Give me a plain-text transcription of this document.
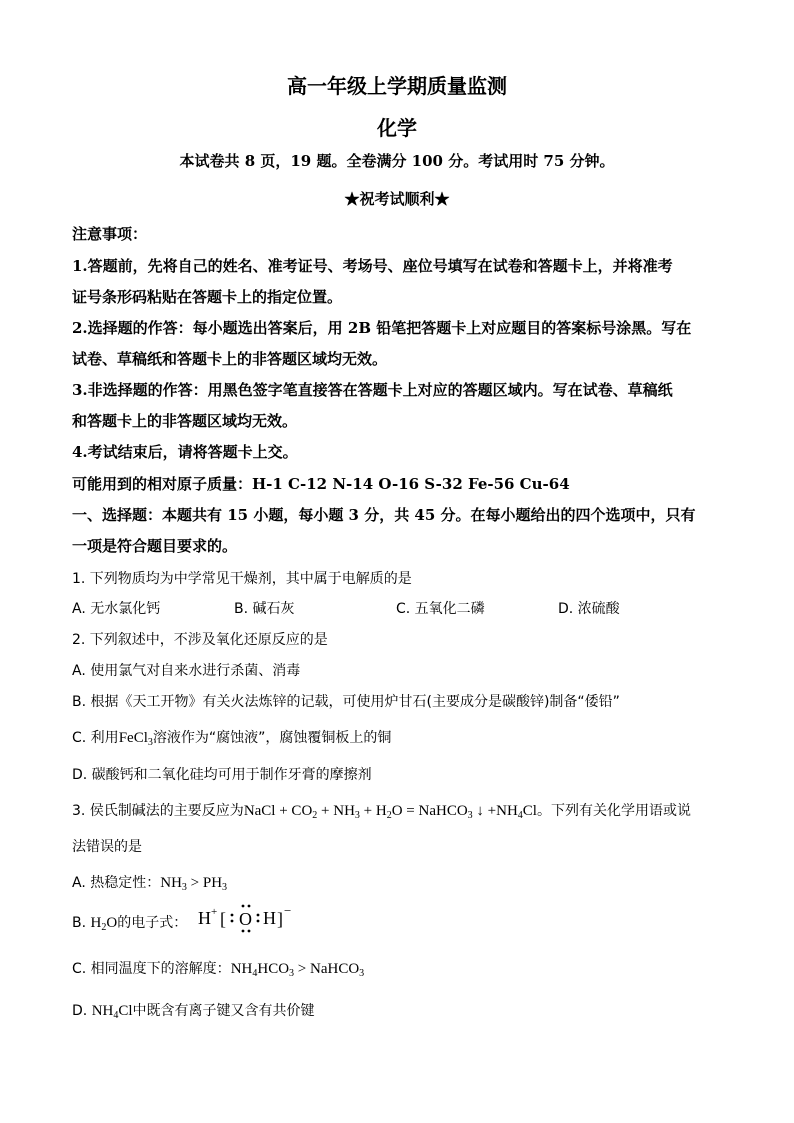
高一年级上学期质量监测
化学
本试卷共 8 页，19 题。全卷满分 100 分。考试用时 75 分钟。
★祝考试顺利★
注意事项：
1.答题前，先将自己的姓名、准考证号、考场号、座位号填写在试卷和答题卡上，并将准考
证号条形码粘贴在答题卡上的指定位置。
2.选择题的作答：每小题选出答案后，用 2B 铅笔把答题卡上对应题目的答案标号涂黑。写在
试卷、草稿纸和答题卡上的非答题区域均无效。
3.非选择题的作答：用黑色签字笔直接答在答题卡上对应的答题区域内。写在试卷、草稿纸
和答题卡上的非答题区域均无效。
4.考试结束后，请将答题卡上交。
可能用到的相对原子质量：H-1 C-12 N-14 O-16 S-32 Fe-56 Cu-64
一、选择题：本题共有 15 小题，每小题 3 分，共 45 分。在每小题给出的四个选项中，只有
一项是符合题目要求的。
1. 下列物质均为中学常见干燥剂，其中属于电解质的是
A. 无水氯化钙	B. 碱石灰	C. 五氧化二磷	D. 浓硫酸
2. 下列叙述中，不涉及氧化还原反应的是
A. 使用氯气对自来水进行杀菌、消毒
B. 根据《天工开物》有关火法炼锌的记载，可使用炉甘石(主要成分是碳酸锌)制备“倭铅”
C. 利用FeCl$_3$溶液作为“腐蚀液”，腐蚀覆铜板上的铜
D. 碳酸钙和二氧化硅均可用于制作牙膏的摩擦剂
3. 侯氏制碱法的主要反应为NaCl + $CO_2 + NH_3 + H_2O$ = NaHCO$_3$ ↓ $+NH_4Cl$。下列有关化学用语或说
法错误的是
A. 热稳定性：$NH_3 > PH_3$
B. $H_2O$的电子式： H + [ O H ] −
C. 相同温度下的溶解度：$NH_4HCO_3$ > NaHCO$_3$
D. $NH_4Cl$中既含有离子键又含有共价键
